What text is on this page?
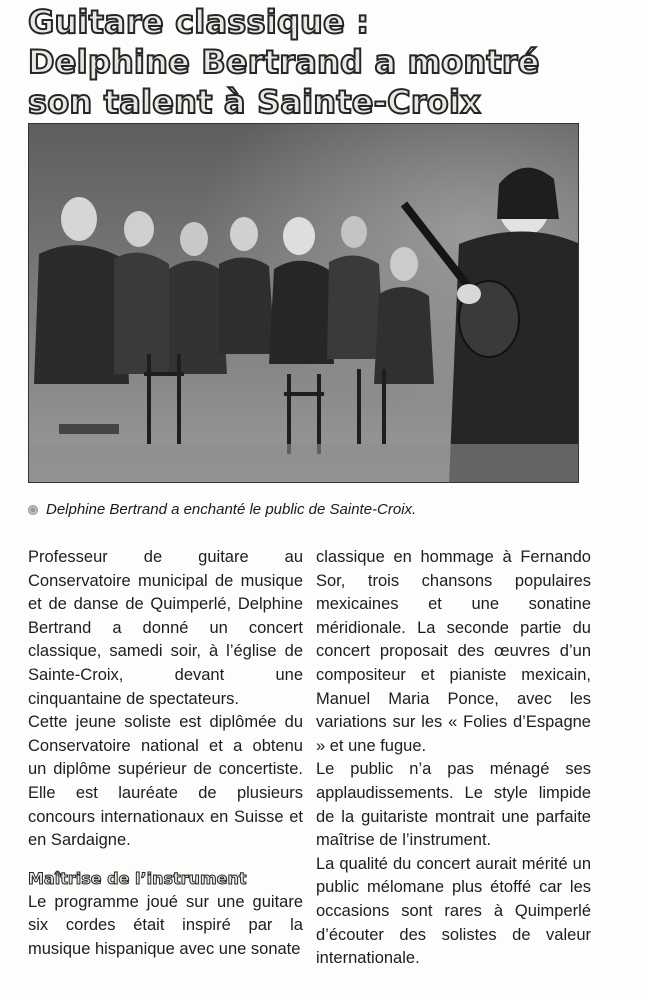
Guitare classique :
Delphine Bertrand a montré
son talent à Sainte-Croix
Delphine Bertrand a enchanté le public de Sainte-Croix.

Professeur de guitare au Conservatoire municipal de musique et de danse de Quimperlé, Delphine Bertrand a donné un concert classique, samedi soir, à l’église de Sainte-Croix, devant une cinquantaine de spectateurs.

Cette jeune soliste est diplômée du Conservatoire national et a obtenu un diplôme supérieur de concertiste. Elle est lauréate de plusieurs concours internationaux en Suisse et en Sardaigne.

Maîtrise de l’instrument

Le programme joué sur une guitare six cordes était inspiré par la musique hispanique avec une sonate

classique en hommage à Fernando Sor, trois chansons populaires mexicaines et une sonatine méridionale. La seconde partie du concert proposait des œuvres d’un compositeur et pianiste mexicain, Manuel Maria Ponce, avec les variations sur les « Folies d’Espagne » et une fugue.

Le public n’a pas ménagé ses applaudissements. Le style limpide de la guitariste montrait une parfaite maîtrise de l’instrument.

La qualité du concert aurait mérité un public mélomane plus étoffé car les occasions sont rares à Quimperlé d’écouter des solistes de valeur internationale.
